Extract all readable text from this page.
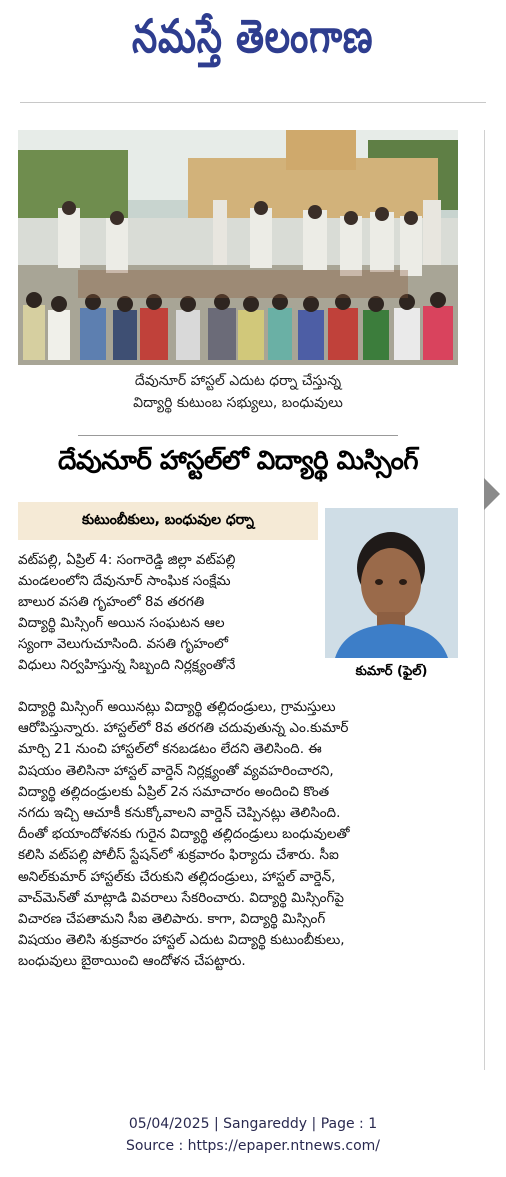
నమస్తే తెలంగాణ
దేవునూర్ హాస్టల్ ఎదుట ధర్నా చేస్తున్న
విద్యార్థి కుటుంబ సభ్యులు, బంధువులు
దేవునూర్ హాస్టల్‌లో విద్యార్థి మిస్సింగ్
కుటుంబీకులు, బంధువుల ధర్నా
కుమార్ (ఫైల్)
వట్‌పల్లి, ఏప్రిల్ 4: సంగారెడ్డి జిల్లా వట్‌పల్లి
మండలంలోని దేవునూర్ సాంఘిక సంక్షేమ
బాలుర వసతి గృహంలో 8వ తరగతి
విద్యార్థి మిస్సింగ్ అయిన సంఘటన ఆల
స్యంగా వెలుగుచూసింది. వసతి గృహంలో
విధులు నిర్వహిస్తున్న సిబ్బంది నిర్లక్ష్యంతోనే
విద్యార్థి మిస్సింగ్ అయినట్లు విద్యార్థి తల్లిదండ్రులు, గ్రామస్తులు
ఆరోపిస్తున్నారు. హాస్టల్‌లో 8వ తరగతి చదువుతున్న ఎం.కుమార్
మార్చి 21 నుంచి హాస్టల్‌లో కనబడటం లేదని తెలిసింది. ఈ
విషయం తెలిసినా హాస్టల్ వార్డెన్ నిర్లక్ష్యంతో వ్యవహరించారని,
విద్యార్థి తల్లిదండ్రులకు ఏప్రిల్ 2న సమాచారం అందించి కొంత
నగదు ఇచ్చి ఆచూకీ కనుక్కోవాలని వార్డెన్ చెప్పినట్లు తెలిసింది.
దీంతో భయాందోళనకు గురైన విద్యార్థి తల్లిదండ్రులు బంధువులతో
కలిసి వట్‌పల్లి పోలీస్ స్టేషన్‌లో శుక్రవారం ఫిర్యాదు చేశారు. సీఐ
అనిల్‌కుమార్ హాస్టల్‌కు చేరుకుని తల్లిదండ్రులు, హాస్టల్ వార్డెన్,
వాచ్‌మెన్‌తో మాట్లాడి వివరాలు సేకరించారు. విద్యార్థి మిస్సింగ్‌పై
విచారణ చేపతామని సీఐ తెలిపారు. కాగా, విద్యార్థి మిస్సింగ్
విషయం తెలిసి శుక్రవారం హాస్టల్ ఎదుట విద్యార్థి కుటుంబీకులు,
బంధువులు బైఠాయించి ఆందోళన చేపట్టారు.
05/04/2025 | Sangareddy | Page : 1
Source : https://epaper.ntnews.com/
